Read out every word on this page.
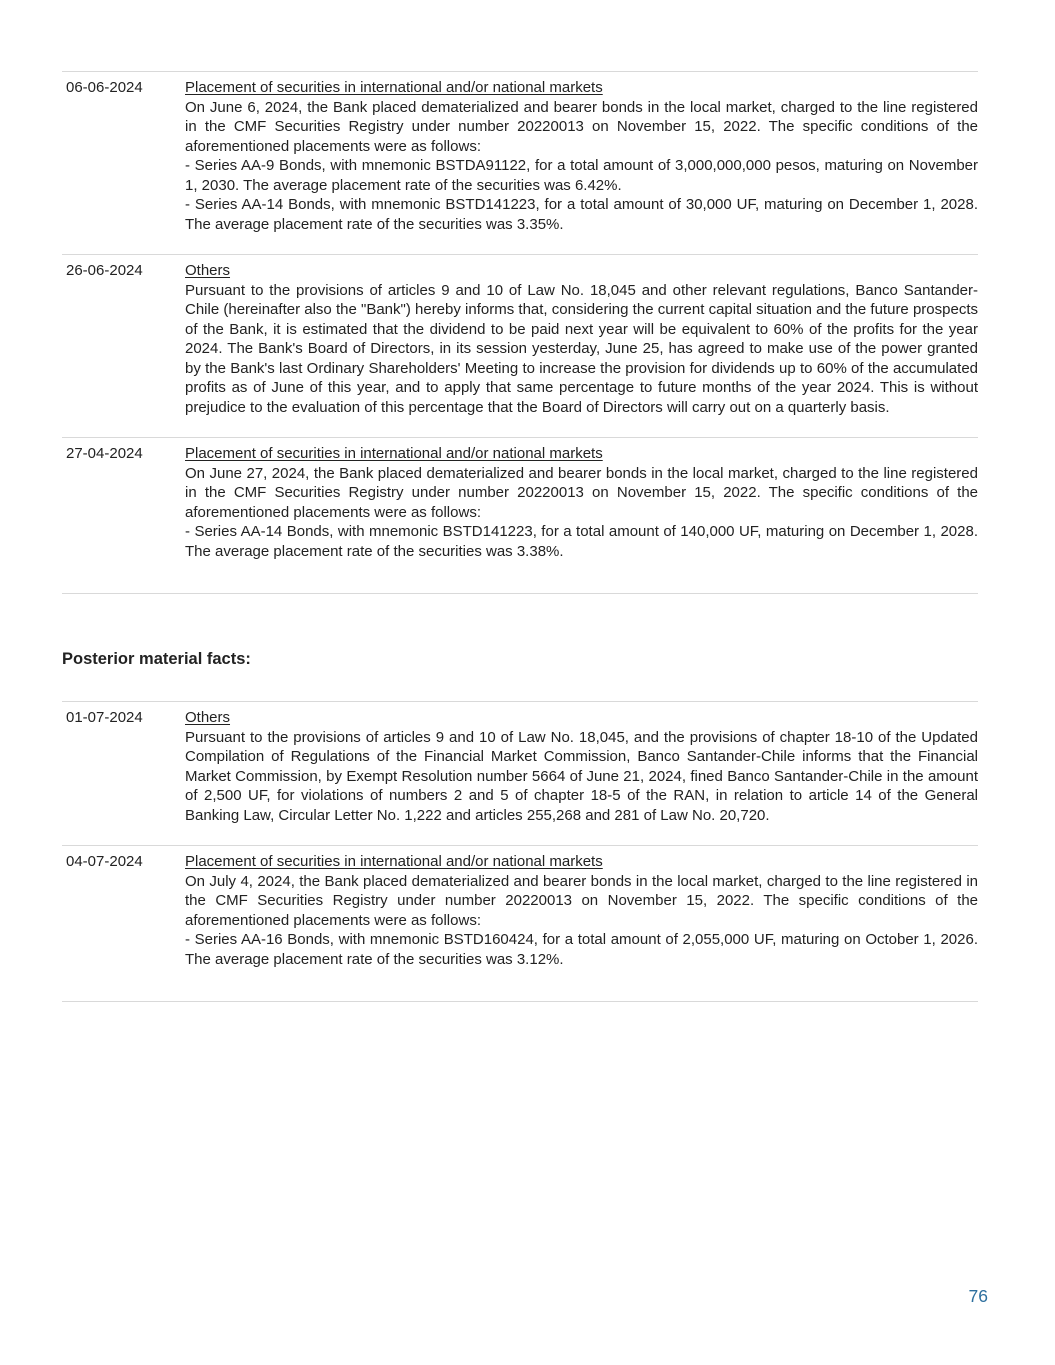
06-06-2024	Placement of securities in international and/or national markets

On June 6, 2024, the Bank placed dematerialized and bearer bonds in the local market, charged to the line registered in the CMF Securities Registry under number 20220013 on November 15, 2022. The specific conditions of the aforementioned placements were as follows:

- Series AA-9 Bonds, with mnemonic BSTDA91122, for a total amount of 3,000,000,000 pesos, maturing on November 1, 2030. The average placement rate of the securities was 6.42%.

- Series AA-14 Bonds, with mnemonic BSTD141223, for a total amount of 30,000 UF, maturing on December 1, 2028. The average placement rate of the securities was 3.35%.

26-06-2024	Others

Pursuant to the provisions of articles 9 and 10 of Law No. 18,045 and other relevant regulations, Banco Santander-Chile (hereinafter also the "Bank") hereby informs that, considering the current capital situation and the future prospects of the Bank, it is estimated that the dividend to be paid next year will be equivalent to 60% of the profits for the year 2024. The Bank's Board of Directors, in its session yesterday, June 25, has agreed to make use of the power granted by the Bank's last Ordinary Shareholders' Meeting to increase the provision for dividends up to 60% of the accumulated profits as of June of this year, and to apply that same percentage to future months of the year 2024. This is without prejudice to the evaluation of this percentage that the Board of Directors will carry out on a quarterly basis.

27-04-2024	Placement of securities in international and/or national markets

On June 27, 2024, the Bank placed dematerialized and bearer bonds in the local market, charged to the line registered in the CMF Securities Registry under number 20220013 on November 15, 2022. The specific conditions of the aforementioned placements were as follows:

- Series AA-14 Bonds, with mnemonic BSTD141223, for a total amount of 140,000 UF, maturing on December 1, 2028. The average placement rate of the securities was 3.38%.

Posterior material facts:
01-07-2024	Others

Pursuant to the provisions of articles 9 and 10 of Law No. 18,045, and the provisions of chapter 18-10 of the Updated Compilation of Regulations of the Financial Market Commission, Banco Santander-Chile informs that the Financial Market Commission, by Exempt Resolution number 5664 of June 21, 2024, fined Banco Santander-Chile in the amount of 2,500 UF, for violations of numbers 2 and 5 of chapter 18-5 of the RAN, in relation to article 14 of the General Banking Law, Circular Letter No. 1,222 and articles 255,268 and 281 of Law No. 20,720.

04-07-2024	Placement of securities in international and/or national markets

On July 4, 2024, the Bank placed dematerialized and bearer bonds in the local market, charged to the line registered in the CMF Securities Registry under number 20220013 on November 15, 2022. The specific conditions of the aforementioned placements were as follows:

- Series AA-16 Bonds, with mnemonic BSTD160424, for a total amount of 2,055,000 UF, maturing on October 1, 2026. The average placement rate of the securities was 3.12%.

76
